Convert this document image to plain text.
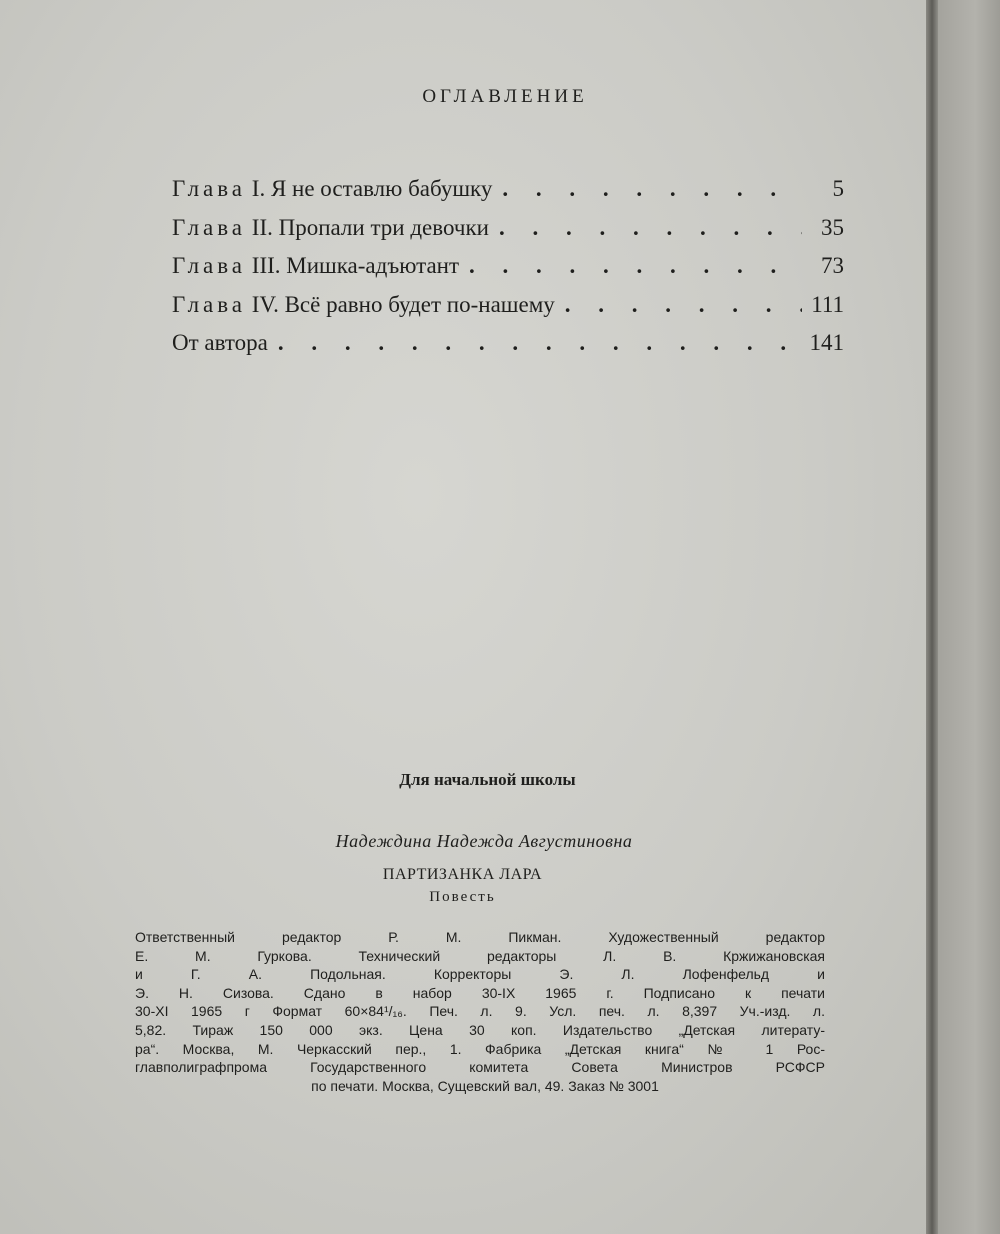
ОГЛАВЛЕНИЕ
Глава I. Я не оставлю бабушку . . .	5
Глава II. Пропали три девочки . . .	35
Глава III. Мишка-адъютант . . .	73
Глава IV. Всё равно будет по-нашему . . .	111
От автора . . .	141
Для начальной школы
Надеждина Надежда Августиновна
ПАРТИЗАНКА ЛАРА
Повесть

Ответственный редактор Р. М. Пикман. Художественный редактор
Е. М. Гуркова. Технический редакторы Л. В. Кржижановская
и Г. А. Подольная. Корректоры Э. Л. Лофенфельд и
Э. Н. Сизова. Сдано в набор 30-IX 1965 г. Подписано к печати
30-XI 1965 г Формат 60×84¹/₁₆. Печ. л. 9. Усл. печ. л. 8,397 Уч.-изд. л.
5,82. Тираж 150 000 экз. Цена 30 коп. Издательство „Детская литерату-
ра“. Москва, М. Черкасский пер., 1. Фабрика „Детская книга“ № 1 Рос-
главполиграфпрома Государственного комитета Совета Министров РСФСР
по печати. Москва, Сущевский вал, 49. Заказ № 3001
